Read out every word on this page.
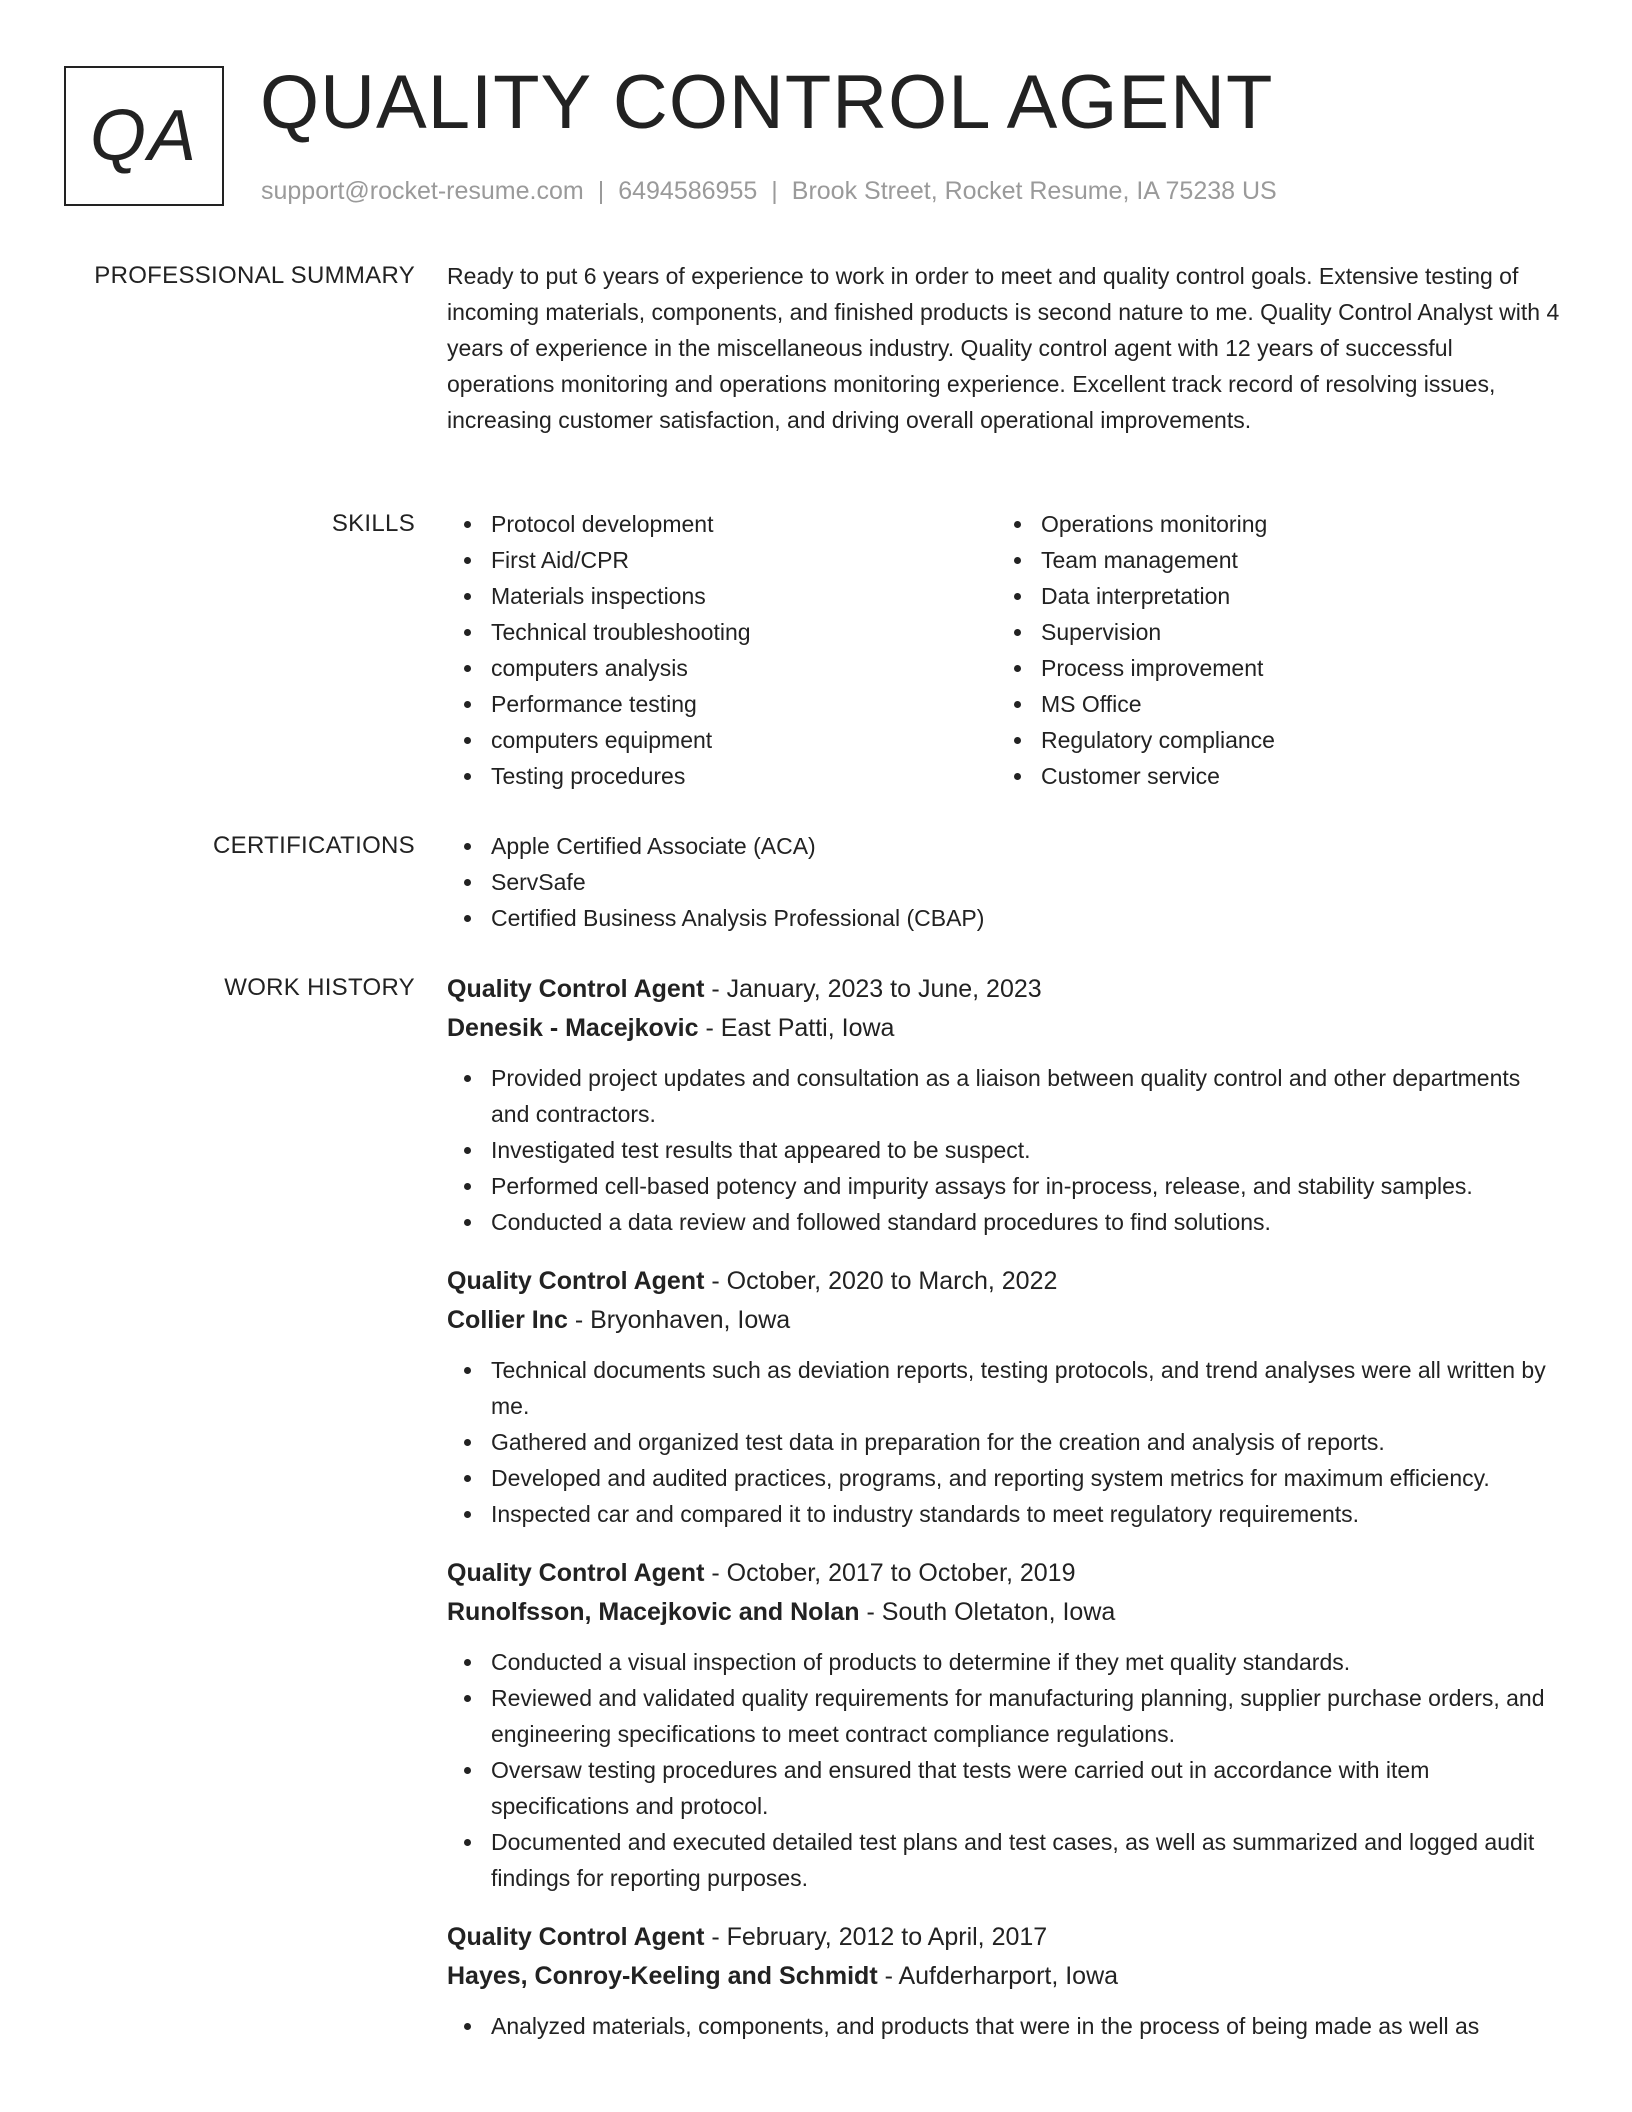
QA QUALITY CONTROL AGENT
support@rocket-resume.com | 6494586955 | Brook Street, Rocket Resume, IA 75238 US
PROFESSIONAL SUMMARY Ready to put 6 years of experience to work in order to meet and quality control goals. Extensive testing of incoming materials, components, and finished products is second nature to me. Quality Control Analyst with 4 years of experience in the miscellaneous industry. Quality control agent with 12 years of successful operations monitoring and operations monitoring experience. Excellent track record of resolving issues, increasing customer satisfaction, and driving overall operational improvements.

SKILLS	Protocol development
First Aid/CPR
Materials inspections
Technical troubleshooting
computers analysis
Performance testing
computers equipment
Testing procedures
Operations monitoring
Team management
Data interpretation
Supervision
Process improvement
MS Office
Regulatory compliance
Customer service
CERTIFICATIONS	Apple Certified Associate (ACA)
ServSafe
Certified Business Analysis Professional (CBAP)
WORK HISTORY Quality Control Agent - January, 2023 to June, 2023
Denesik - Macejkovic - East Patti, Iowa
Provided project updates and consultation as a liaison between quality control and other departments and contractors.
Investigated test results that appeared to be suspect.
Performed cell-based potency and impurity assays for in-process, release, and stability samples.
Conducted a data review and followed standard procedures to find solutions.
Quality Control Agent - October, 2020 to March, 2022
Collier Inc - Bryonhaven, Iowa
Technical documents such as deviation reports, testing protocols, and trend analyses were all written by me.
Gathered and organized test data in preparation for the creation and analysis of reports.
Developed and audited practices, programs, and reporting system metrics for maximum efficiency.
Inspected car and compared it to industry standards to meet regulatory requirements.
Quality Control Agent - October, 2017 to October, 2019
Runolfsson, Macejkovic and Nolan - South Oletaton, Iowa
Conducted a visual inspection of products to determine if they met quality standards.
Reviewed and validated quality requirements for manufacturing planning, supplier purchase orders, and engineering specifications to meet contract compliance regulations.
Oversaw testing procedures and ensured that tests were carried out in accordance with item specifications and protocol.
Documented and executed detailed test plans and test cases, as well as summarized and logged audit findings for reporting purposes.
Quality Control Agent - February, 2012 to April, 2017
Hayes, Conroy-Keeling and Schmidt - Aufderharport, Iowa
Analyzed materials, components, and products that were in the process of being made as well as
